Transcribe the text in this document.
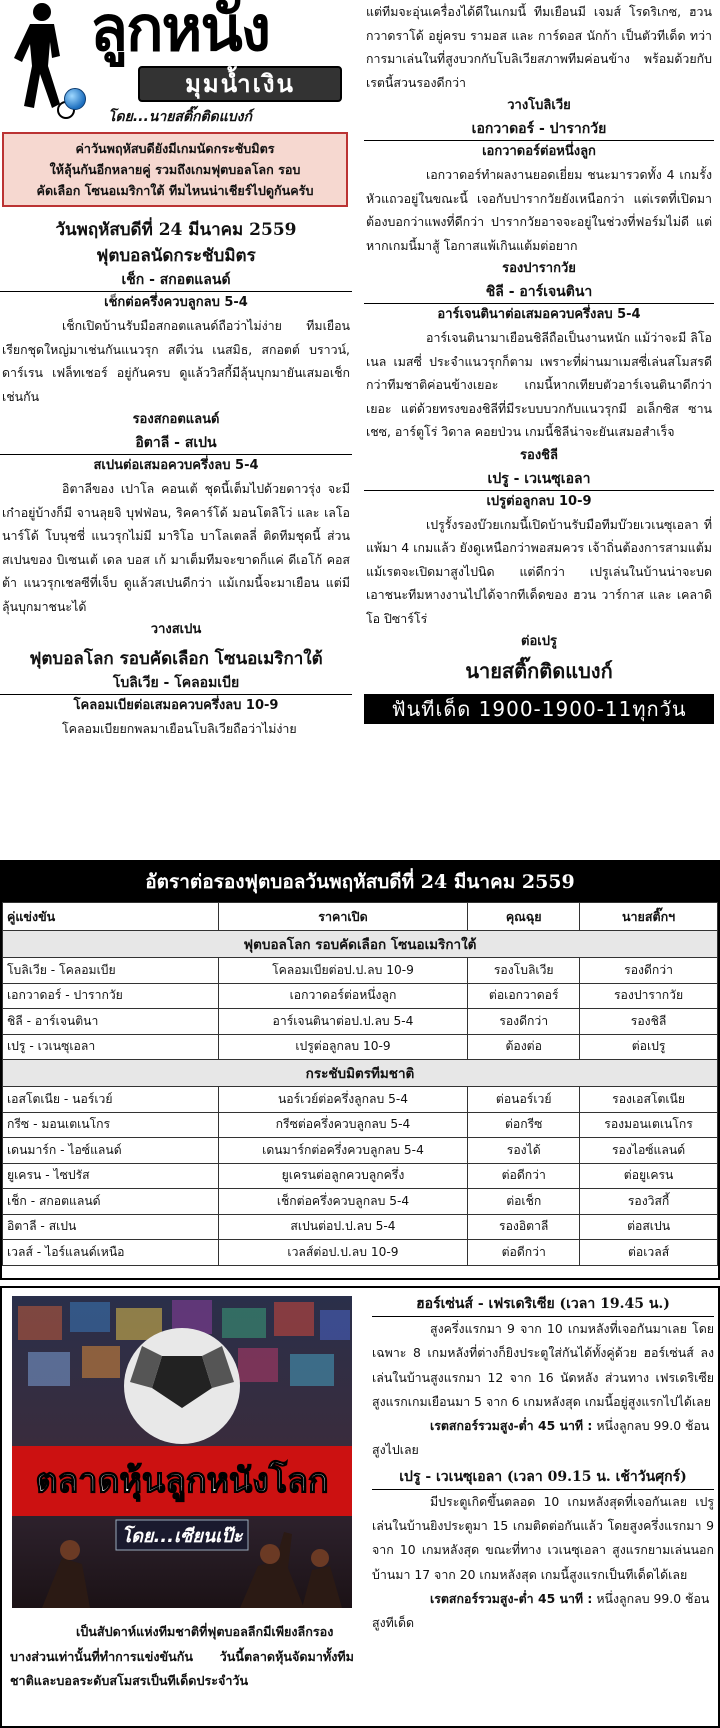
ลูกหนัง
มุมน้ำเงิน
โดย...นายสติ๊กติดแบงก์
ค่าวันพฤหัสบดียังมีเกมนัดกระชับมิตร
ให้ลุ้นกันอีกหลายคู่ รวมถึงเกมฟุตบอลโลก รอบ
คัดเลือก โซนอเมริกาใต้ ทีมไหนน่าเชียร์ไปดูกันครับ
วันพฤหัสบดีที่ 24 มีนาคม 2559
ฟุตบอลนัดกระชับมิตร
เช็ก - สกอตแลนด์
เช็กต่อครึ่งควบลูกลบ 5-4

เช็กเปิดบ้านรับมือสกอตแลนด์ถือว่าไม่ง่าย ทีมเยือนเรียกชุดใหญ่มาเช่นกันแนวรุก สตีเว่น เนสมิธ, สกอตต์ บราวน์, ดาร์เรน เฟล็ทเชอร์ อยู่กันครบ ดูแล้ววิสกี้มีลุ้นบุกมายันเสมอเช็กเช่นกัน

รองสกอตแลนด์
อิตาลี - สเปน
สเปนต่อเสมอควบครึ่งลบ 5-4

อิตาลีของ เปาโล คอนเต้ ชุดนี้เต็มไปด้วยดาวรุ่ง จะมีเก๋าอยู่บ้างก็มี จานลุยจิ บุฟฟ่อน, ริคคาร์โด้ มอนโตลิโว่ และ เลโอนาร์โด้ โบนุชชี่ แนวรุกไม่มี มาริโอ บาโลเตลลี่ ติดทีมชุดนี้ ส่วนสเปนของ บิเซนเต้ เดล บอส เก้ มาเต็มทีมจะขาดก็แค่ ดีเอโก้ คอสต้า แนวรุกเชลซีที่เจ็บ ดูแล้วสเปนดีกว่า แม้เกมนี้จะมาเยือน แต่มีลุ้นบุกมาชนะได้

วางสเปน
ฟุตบอลโลก รอบคัดเลือก โซนอเมริกาใต้
โบลิเวีย - โคลอมเบีย
โคลอมเบียต่อเสมอควบครึ่งลบ 10-9

โคลอมเบียยกพลมาเยือนโบลิเวียถือว่าไม่ง่าย

แต่ทีมจะอุ่นเครื่องได้ดีในเกมนี้ ทีมเยือนมี เจมส์ โรดริเกซ, ฮวน กวาดราโด้ อยู่ครบ รามอส และ การ์ดอส นักก้า เป็นตัวทีเด็ด ทว่าการมาเล่นในที่สูงบวกกับโบลิเวียสภาพทีมค่อนข้าง พร้อมด้วยกับเรตนี้สวนรองดีกว่า

วางโบลิเวีย
เอกวาดอร์ - ปารากวัย
เอกวาดอร์ต่อหนึ่งลูก

เอกวาดอร์ทำผลงานยอดเยี่ยม ชนะมารวดทั้ง 4 เกมรั้งหัวแถวอยู่ในขณะนี้ เจอกับปารากวัยยังเหนือกว่า แต่เรตที่เปิดมาต้องบอกว่าแพงที่ดีกว่า ปารากวัยอาจจะอยู่ในช่วงที่ฟอร์มไม่ดี แต่หากเกมนี้มาสู้ โอกาสแพ้เกินแต้มต่อยาก

รองปารากวัย
ชิลี - อาร์เจนตินา
อาร์เจนตินาต่อเสมอควบครึ่งลบ 5-4

อาร์เจนตินามาเยือนชิลีถือเป็นงานหนัก แม้ว่าจะมี ลิโอเนล เมสซี่ ประจำแนวรุกก็ตาม เพราะที่ผ่านมาเมสซี่เล่นสโมสรดีกว่าทีมชาติค่อนข้างเยอะ เกมนี้หากเทียบตัวอาร์เจนตินาดีกว่าเยอะ แต่ด้วยทรงของชิลีที่มีระบบบวกกับแนวรุกมี อเล็กซิส ซานเชซ, อาร์ตูโร่ วิดาล คอยป่วน เกมนี้ชิลีน่าจะยันเสมอสำเร็จ

รองชิลี
เปรู - เวเนซุเอลา
เปรูต่อลูกลบ 10-9

เปรูรั้งรองบ๊วยเกมนี้เปิดบ้านรับมือทีมบ๊วยเวเนซุเอลา ที่แพ้มา 4 เกมแล้ว ยังดูเหนือกว่าพอสมควร เจ้าถิ่นต้องการสามแต้มแม้เรตจะเปิดมาสูงไปนิด แต่ดีกว่า เปรูเล่นในบ้านน่าจะบดเอาชนะทีมหางงานไปได้จากทีเด็ดของ ฮวน วาร์กาส และ เคลาดิโอ ปิซาร์โร่

ต่อเปรู
นายสติ๊กติดแบงก์
ฟันทีเด็ด 1900-1900-11ทุกวัน
อัตราต่อรองฟุตบอลวันพฤหัสบดีที่ 24 มีนาคม 2559
คู่แข่งขัน	ราคาเปิด	คุณฉุย	นายสติ๊กฯ
ฟุตบอลโลก รอบคัดเลือก โซนอเมริกาใต้			
โบลิเวีย - โคลอมเบีย	โคลอมเบียต่อป.ป.ลบ 10-9	รองโบลิเวีย	รองดีกว่า
เอกวาดอร์ - ปารากวัย	เอกวาดอร์ต่อหนึ่งลูก	ต่อเอกวาดอร์	รองปารากวัย
ชิลี - อาร์เจนตินา	อาร์เจนตินาต่อป.ป.ลบ 5-4	รองดีกว่า	รองชิลี
เปรู - เวเนซุเอลา	เปรูต่อลูกลบ 10-9	ต้องต่อ	ต่อเปรู
กระชับมิตรทีมชาติ			
เอสโตเนีย - นอร์เวย์	นอร์เวย์ต่อครึ่งลูกลบ 5-4	ต่อนอร์เวย์	รองเอสโตเนีย
กรีซ - มอนเตเนโกร	กรีซต่อครึ่งควบลูกลบ 5-4	ต่อกรีซ	รองมอนเตเนโกร
เดนมาร์ก - ไอซ์แลนด์	เดนมาร์กต่อครึ่งควบลูกลบ 5-4	รองได้	รองไอซ์แลนด์
ยูเครน - ไซปรัส	ยูเครนต่อลูกควบลูกครึ่ง	ต่อดีกว่า	ต่อยูเครน
เช็ก - สกอตแลนด์	เช็กต่อครึ่งควบลูกลบ 5-4	ต่อเช็ก	รองวิสกี้
อิตาลี - สเปน	สเปนต่อป.ป.ลบ 5-4	รองอิตาลี	ต่อสเปน
เวลส์ - ไอร์แลนด์เหนือ	เวลส์ต่อป.ป.ลบ 10-9	ต่อดีกว่า	ต่อเวลส์
ตลาดหุ้นลูกหนังโลก
โดย...เซียนเป๊ะ

เป็นสัปดาห์แห่งทีมชาติที่ฟุตบอลลีกมีเพียงลีกรองบางส่วนเท่านั้นที่ทำการแข่งขันกัน วันนี้ตลาดหุ้นจัดมาทั้งทีมชาติและบอลระดับสโมสรเป็นทีเด็ดประจำวัน

ฮอร์เซ่นส์ - เฟรเดริเซีย (เวลา 19.45 น.)

สูงครึ่งแรกมา 9 จาก 10 เกมหลังที่เจอกันมาเลย โดยเฉพาะ 8 เกมหลังที่ต่างก็ยิงประตูใส่กันได้ทั้งคู่ด้วย ฮอร์เซ่นส์ ลงเล่นในบ้านสูงแรกมา 12 จาก 16 นัดหลัง ส่วนทาง เฟรเดริเซีย สูงแรกเกมเยือนมา 5 จาก 6 เกมหลังสุด เกมนี้อยู่สูงแรกไปได้เลย

เรตสกอร์รวมสูง-ต่ำ 45 นาที : หนึ่งลูกลบ 99.0 ช้อนสูงไปเลย

เปรู - เวเนซุเอลา (เวลา 09.15 น. เช้าวันศุกร์)

มีประตูเกิดขึ้นตลอด 10 เกมหลังสุดที่เจอกันเลย เปรู เล่นในบ้านยิงประตูมา 15 เกมติดต่อกันแล้ว โดยสูงครึ่งแรกมา 9 จาก 10 เกมหลังสุด ขณะที่ทาง เวเนซุเอลา สูงแรกยามเล่นนอกบ้านมา 17 จาก 20 เกมหลังสุด เกมนี้สูงแรกเป็นทีเด็ดได้เลย

เรตสกอร์รวมสูง-ต่ำ 45 นาที : หนึ่งลูกลบ 99.0 ช้อนสูงทีเด็ด
